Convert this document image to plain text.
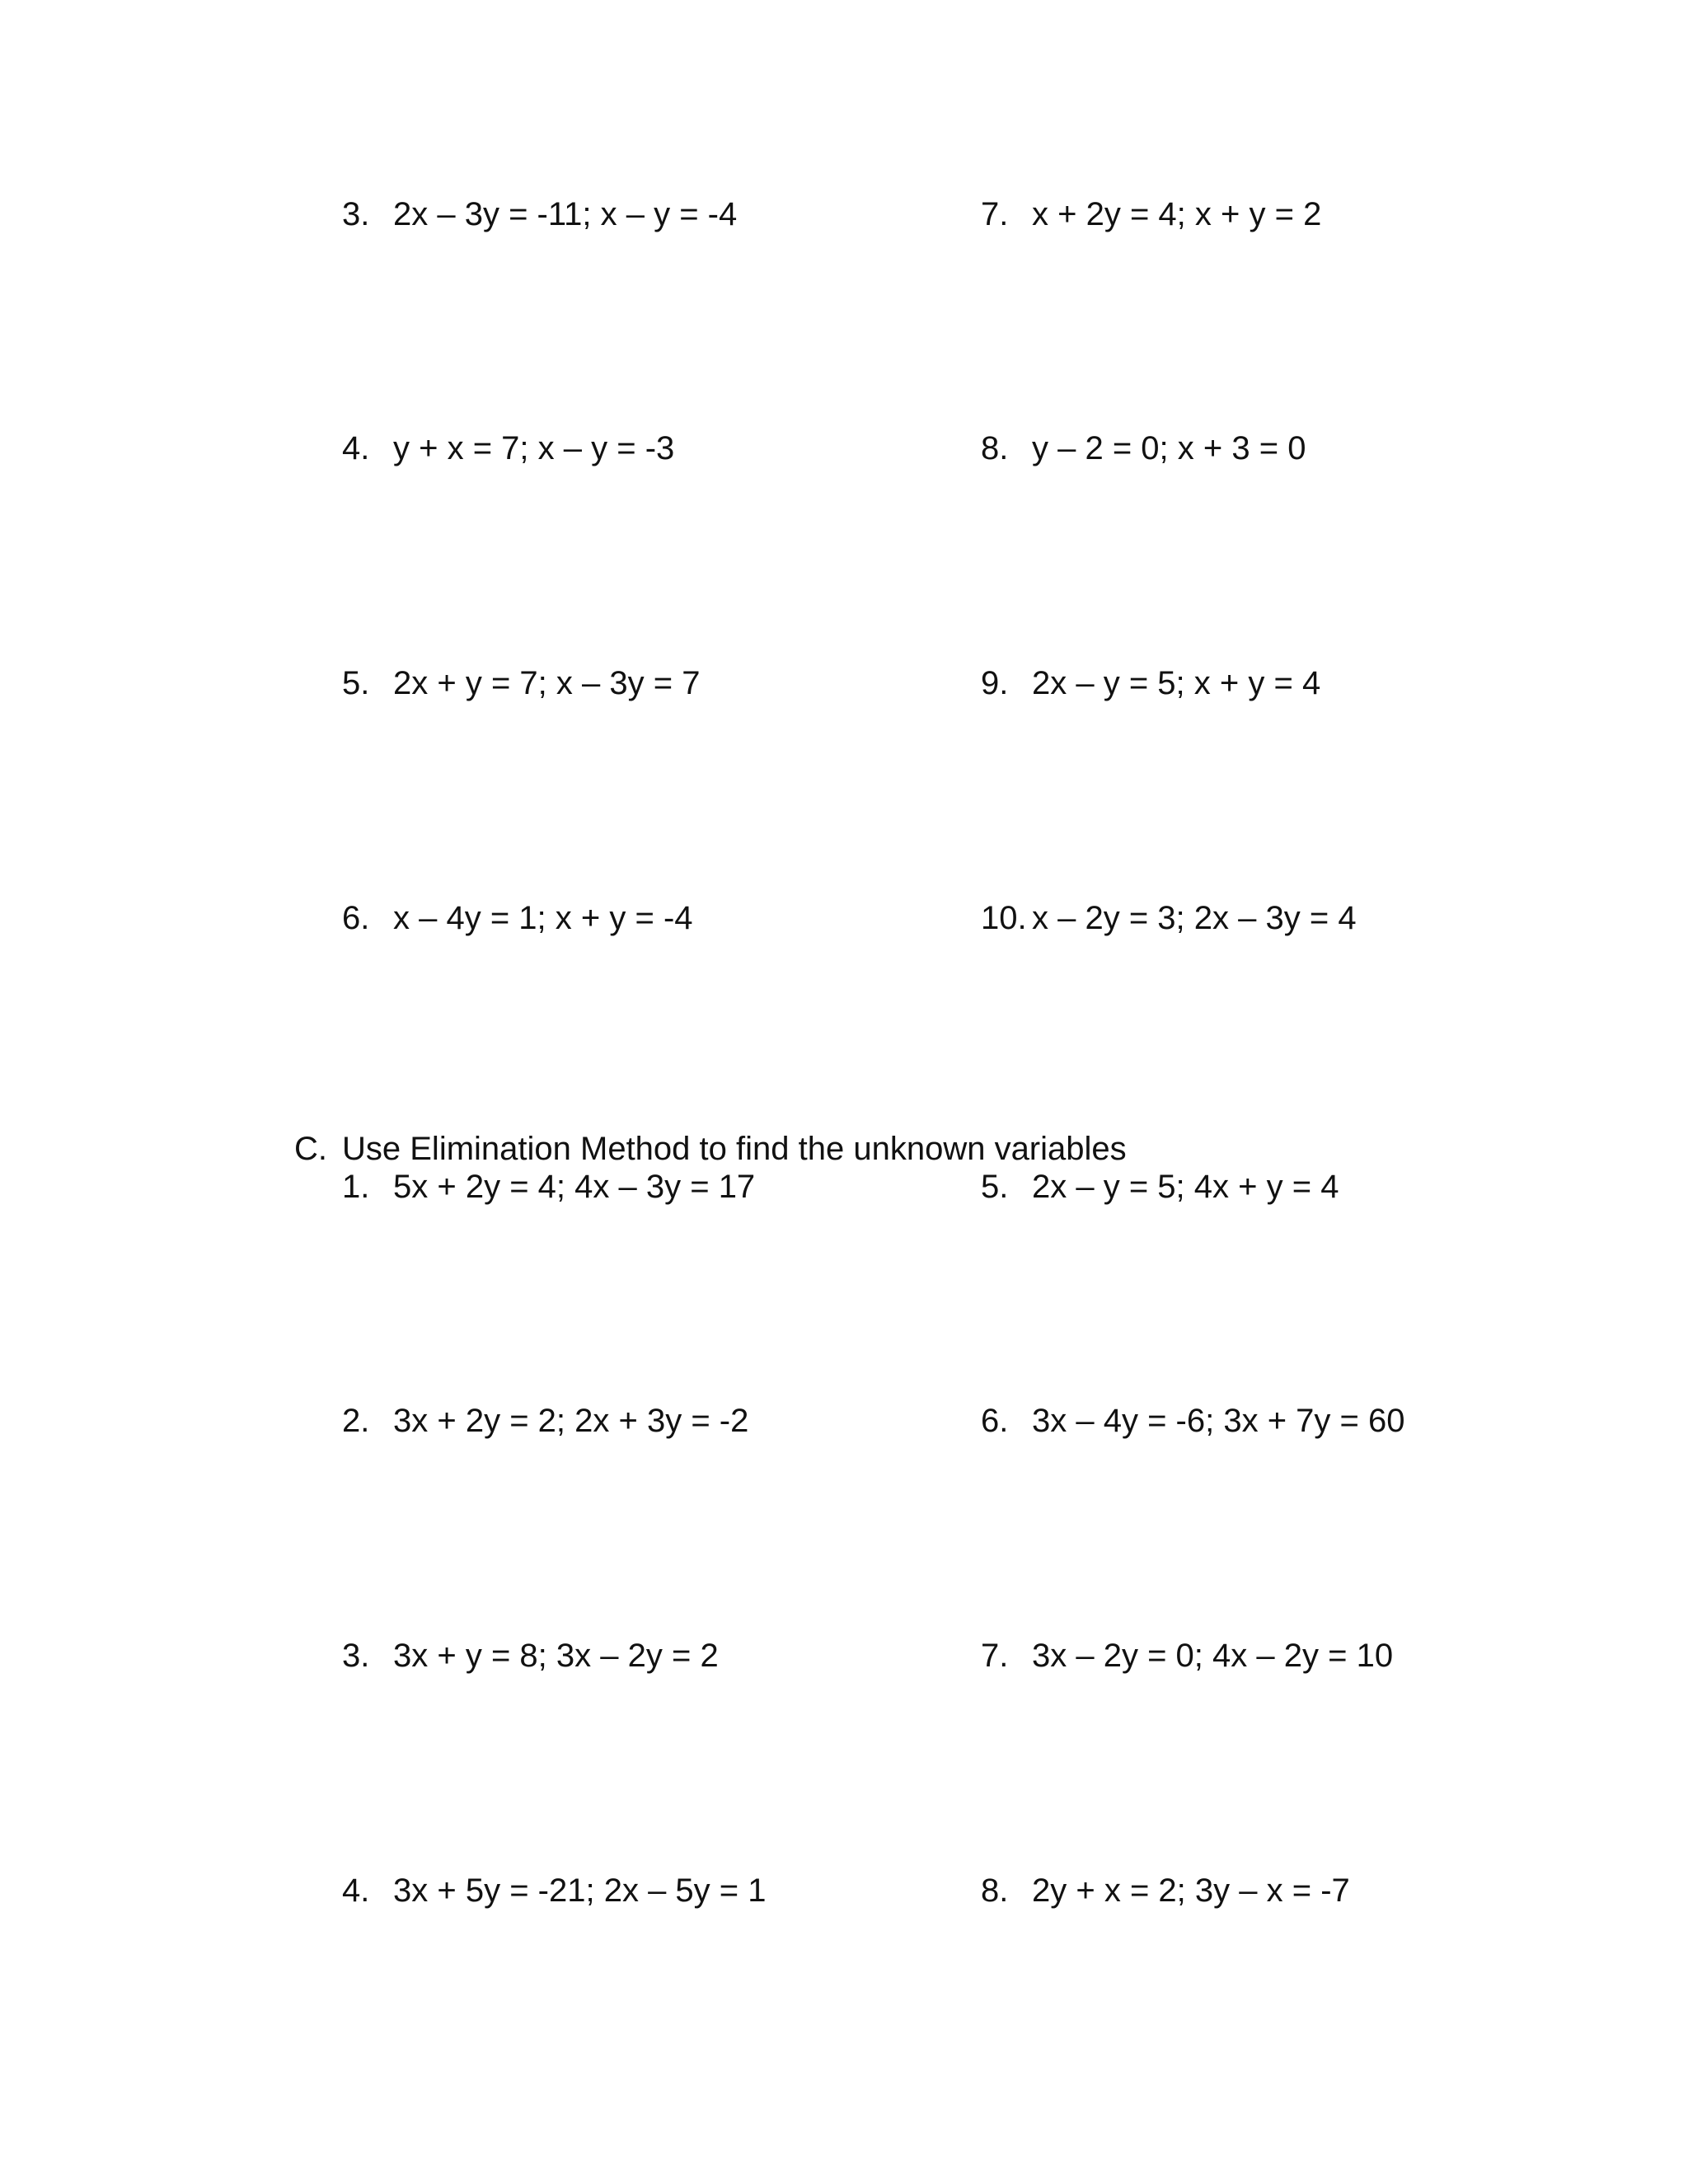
3. 2x – 3y = -11; x – y = -4
4. y + x = 7; x – y = -3
5. 2x + y = 7; x – 3y = 7
6. x – 4y = 1; x + y = -4
7. x + 2y = 4; x + y = 2
8. y – 2 = 0; x + 3 = 0
9. 2x – y = 5; x + y = 4
10. x – 2y = 3; 2x – 3y = 4
C. Use Elimination Method to find the unknown variables
1. 5x + 2y = 4; 4x – 3y = 17
2. 3x + 2y = 2; 2x + 3y = -2
3. 3x + y = 8; 3x – 2y = 2
4. 3x + 5y = -21; 2x – 5y = 1
5. 2x – y = 5; 4x + y = 4
6. 3x – 4y = -6; 3x + 7y = 60
7. 3x – 2y = 0; 4x – 2y = 10
8. 2y + x = 2; 3y – x = -7
